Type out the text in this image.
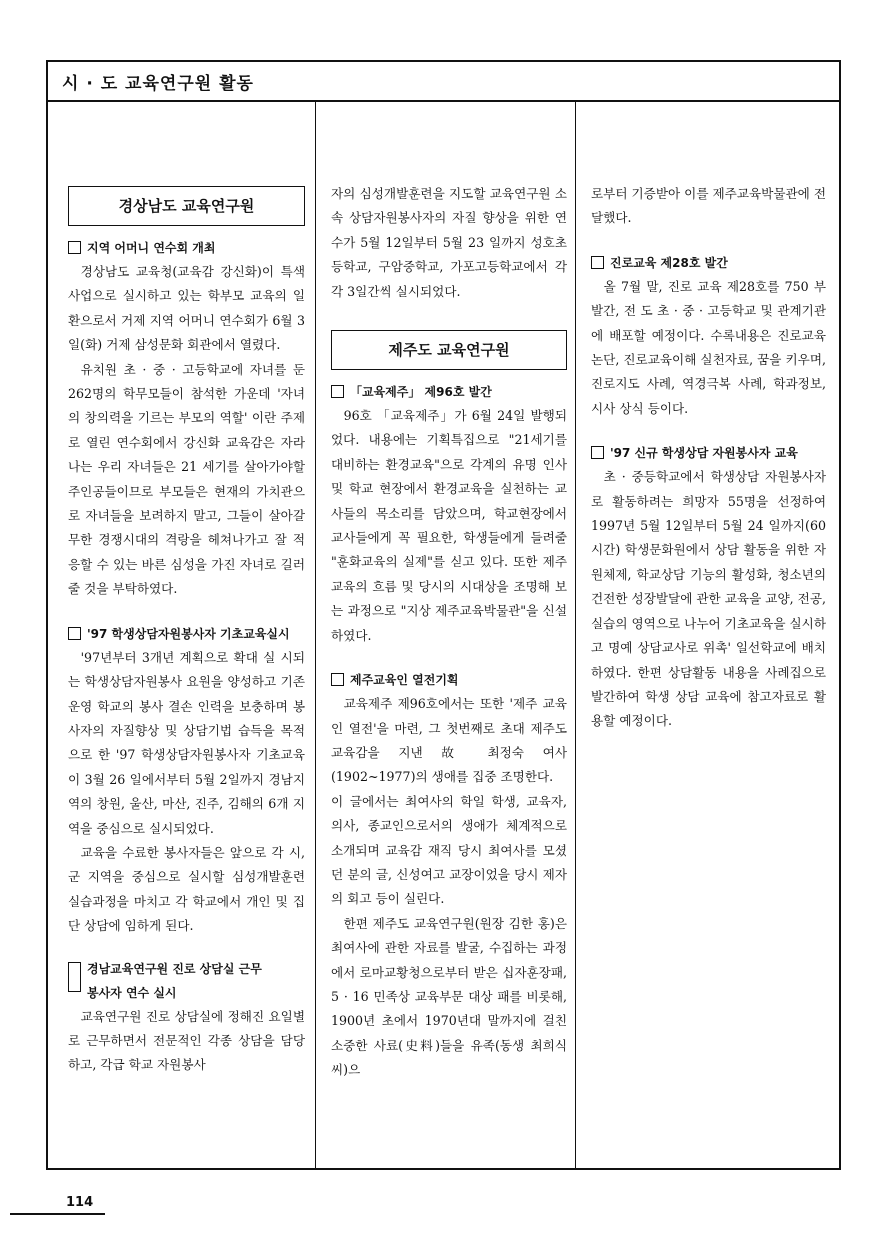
시 · 도 교육연구원 활동
경상남도 교육연구원
지역 어머니 연수회 개최

경상남도 교육청(교육감 강신화)이 특색사업으로 실시하고 있는 학부모 교육의 일환으로서 거제 지역 어머니 연수회가 6월 3일(화) 거제 삼성문화 회관에서 열렸다.

유치원 초 · 중 · 고등학교에 자녀를 둔 262명의 학무모들이 참석한 가운데 '자녀의 창의력을 기르는 부모의 역할' 이란 주제로 열린 연수회에서 강신화 교육감은 자라나는 우리 자녀들은 21 세기를 살아가야할 주인공들이므로 부모들은 현재의 가치관으로 자녀들을 보려하지 말고, 그들이 살아갈 무한 경쟁시대의 격랑을 헤쳐나가고 잘 적 응할 수 있는 바른 심성을 가진 자녀로 길러줄 것을 부탁하였다.

'97 학생상담자원봉사자 기초교육실시

'97년부터 3개년 계획으로 확대 실 시되는 학생상담자원봉사 요원을 양성하고 기존 운영 학교의 봉사 결손 인력을 보충하며 봉사자의 자질향상 및 상담기법 습득을 목적으로 한 '97 학생상담자원봉사자 기초교육이 3월 26 일에서부터 5월 2일까지 경남지역의 창원, 울산, 마산, 진주, 김해의 6개 지역을 중심으로 실시되었다.

교육을 수료한 봉사자들은 앞으로 각 시, 군 지역을 중심으로 실시할 심성개발훈련 실습과정을 마치고 각 학교에서 개인 및 집단 상담에 임하게 된다.

경남교육연구원 진로 상담실 근무
봉사자 연수 실시

교육연구원 진로 상담실에 정해진 요일별로 근무하면서 전문적인 각종 상담을 담당하고, 각급 학교 자원봉사

자의 심성개발훈련을 지도할 교육연구원 소속 상담자원봉사자의 자질 향상을 위한 연수가 5월 12일부터 5월 23 일까지 성호초등학교, 구암중학교, 가포고등학교에서 각각 3일간씩 실시되었다.

제주도 교육연구원
「교육제주」 제96호 발간

96호 「교육제주」가 6월 24일 발행되었다. 내용에는 기획특집으로 "21세기를 대비하는 환경교육"으로 각계의 유명 인사 및 학교 현장에서 환경교육을 실천하는 교사들의 목소리를 담았으며, 학교현장에서 교사들에게 꼭 필요한, 학생들에게 들려줄 "훈화교육의 실제"를 싣고 있다. 또한 제주교육의 흐름 및 당시의 시대상을 조명해 보는 과정으로 "지상 제주교육박물관"을 신설하였다.

제주교육인 열전기획

교육제주 제96호에서는 또한 '제주 교육인 열전'을 마련, 그 첫번째로 초대 제주도 교육감을 지낸 故 최정숙 여사(1902~1977)의 생애를 집중 조명한다.

이 글에서는 최여사의 학일 학생, 교육자, 의사, 종교인으로서의 생애가 체계적으로 소개되며 교육감 재직 당시 최여사를 모셨던 분의 글, 신성여고 교장이었을 당시 제자의 회고 등이 실린다.

한편 제주도 교육연구원(원장 김한 홍)은 최여사에 관한 자료를 발굴, 수집하는 과정에서 로마교황청으로부터 받은 십자훈장패, 5 · 16 민족상 교육부문 대상 패를 비롯해, 1900년 초에서 1970년대 말까지에 걸친 소중한 사료(史料)들을 유족(동생 최희식씨)으

로부터 기증받아 이를 제주교육박물관에 전달했다.

진로교육 제28호 발간

올 7월 말, 진로 교육 제28호를 750 부 발간, 전 도 초 · 중 · 고등학교 및 관계기관에 배포할 예정이다. 수록내용은 진로교육논단, 진로교육이해 실천자료, 꿈을 키우며, 진로지도 사례, 역경극복 사례, 학과정보, 시사 상식 등이다.

'97 신규 학생상담 자원봉사자 교육

초 · 중등학교에서 학생상담 자원봉사자로 활동하려는 희망자 55명을 선정하여 1997년 5월 12일부터 5월 24 일까지(60시간) 학생문화원에서 상담 활동을 위한 자원체제, 학교상담 기능의 활성화, 청소년의 건전한 성장발달에 관한 교육을 교양, 전공, 실습의 영역으로 나누어 기초교육을 실시하고 명예 상담교사로 위촉' 일선학교에 배치하였다. 한편 상담활동 내용을 사례집으로 발간하여 학생 상담 교육에 참고자료로 활용할 예정이다.

114
